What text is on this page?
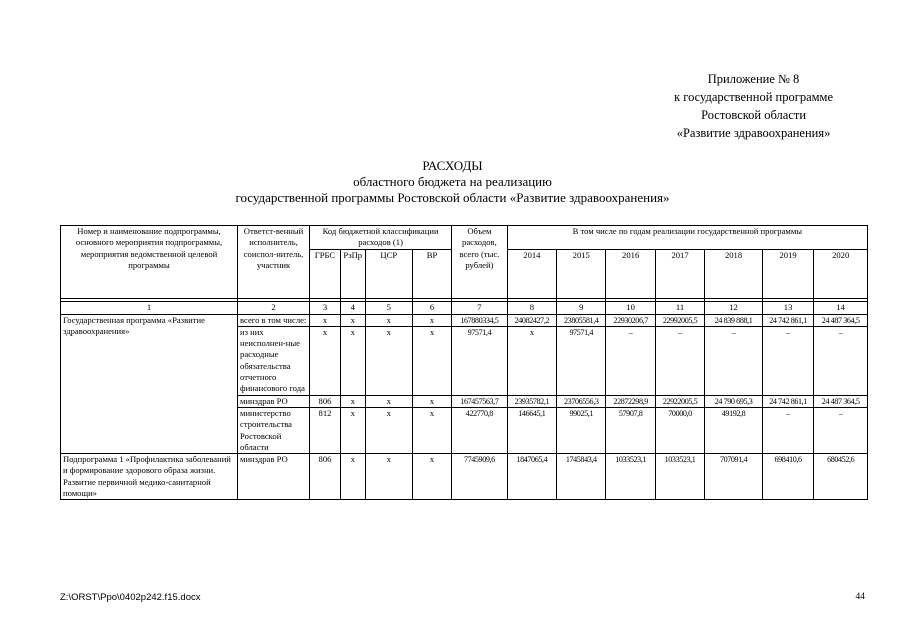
Приложение № 8
к государственной программе
Ростовской области
«Развитие здравоохранения»
РАСХОДЫ
областного бюджета на реализацию
государственной программы Ростовской области «Развитие здравоохранения»
Номер и наименование подпрограммы, основного мероприятия подпрограммы, мероприятия ведомственной целевой программы	Ответст-венный исполнитель, соиспол-нитель, участник	Код бюджетной классификации расходов (1)				Объем расходов, всего (тыс. рублей)	В том числе по годам реализации государственной программы						
		ГРБС	РзПр	ЦСР	ВР		2014	2015	2016	2017	2018	2019	2020

1	2	3	4	5	6	7	8	9	10	11	12	13	14
Государственная программа «Развитие здравоохранения»	всего в том числе:	х	х	х	х	167880334,5	24082427,2	23805581,4	22930206,7	22992005,5	24 839 888,1	24 742 861,1	24 487 364,5
	из них неисполнен-ные расходные обязательства отчетного финансового года	х	х	х	х	97571,4	х	97571,4	–	–	–	–	–
	минздрав РО	806	х	х	х	167457563,7	23935782,1	23706556,3	22872298,9	22922005,5	24 790 695,3	24 742 861,1	24 487 364,5
	министерство строительства Ростовской области	812	х	х	х	422770,8	146645,1	99025,1	57907,8	70000,0	49192,8	–	–
Подпрограмма 1 «Профилактика заболеваний и формирование здорового образа жизни. Развитие первичной медико-санитарной помощи»	минздрав РО	806	х	х	х	7745909,6	1847065,4	1745843,4	1033523,1	1033523,1	707091,4	698410,6	680452,6
Z:\ORST\Ppo\0402p242.f15.docx	44
